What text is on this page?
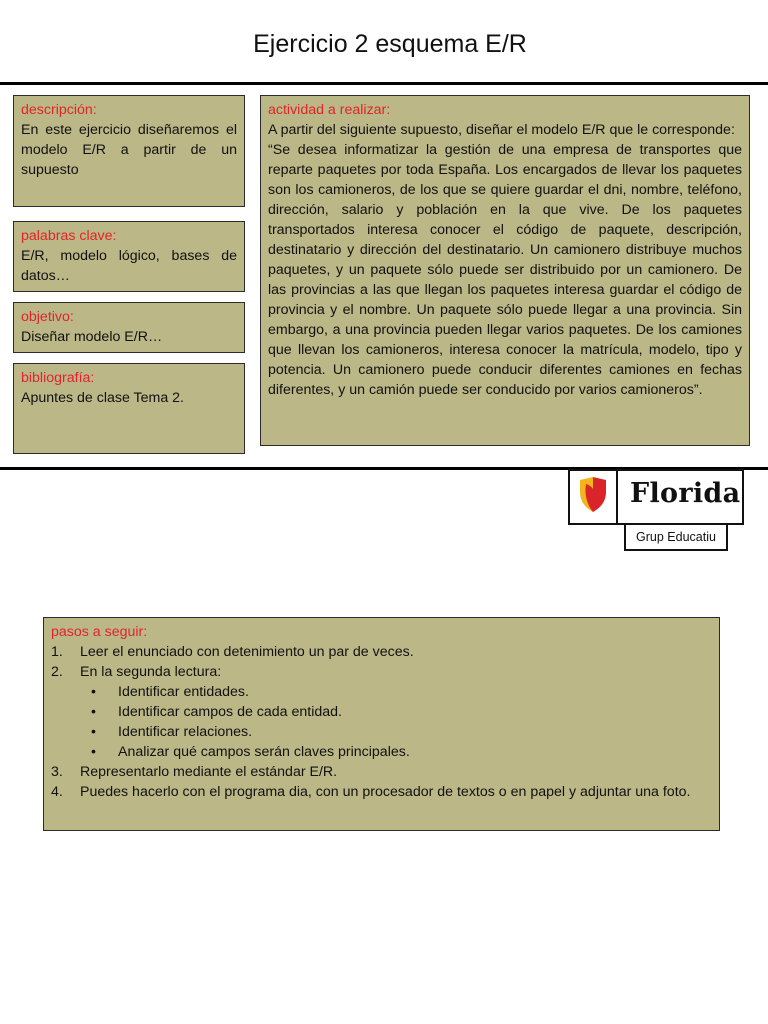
Ejercicio 2 esquema E/R
descripción:
En este ejercicio diseñaremos el modelo E/R a partir de un supuesto
palabras clave:
E/R, modelo lógico, bases de datos…
objetivo:
Diseñar modelo E/R…
bibliografía:
Apuntes de clase Tema 2.
actividad a realizar:
A partir del siguiente supuesto, diseñar el modelo E/R que le corresponde:
“Se desea informatizar la gestión de una empresa de transportes que reparte paquetes por toda España. Los encargados de llevar los paquetes son los camioneros, de los que se quiere guardar el dni, nombre, teléfono, dirección, salario y población en la que vive. De los paquetes transportados interesa conocer el código de paquete, descripción, destinatario y dirección del destinatario. Un camionero distribuye muchos paquetes, y un paquete sólo puede ser distribuido por un camionero. De las provincias a las que llegan los paquetes interesa guardar el código de provincia y el nombre. Un paquete sólo puede llegar a una provincia. Sin embargo, a una provincia pueden llegar varios paquetes. De los camiones que llevan los camioneros, interesa conocer la matrícula, modelo, tipo y potencia. Un camionero puede conducir diferentes camiones en fechas diferentes, y un camión puede ser conducido por varios camioneros”.
Florida
Grup Educatiu
pasos a seguir:
1. Leer el enunciado con detenimiento un par de veces.
2. En la segunda lectura:
• Identificar entidades.
• Identificar campos de cada entidad.
• Identificar relaciones.
• Analizar qué campos serán claves principales.
3. Representarlo mediante el estándar E/R.
4. Puedes hacerlo con el programa dia, con un procesador de textos o en papel y adjuntar una foto.
